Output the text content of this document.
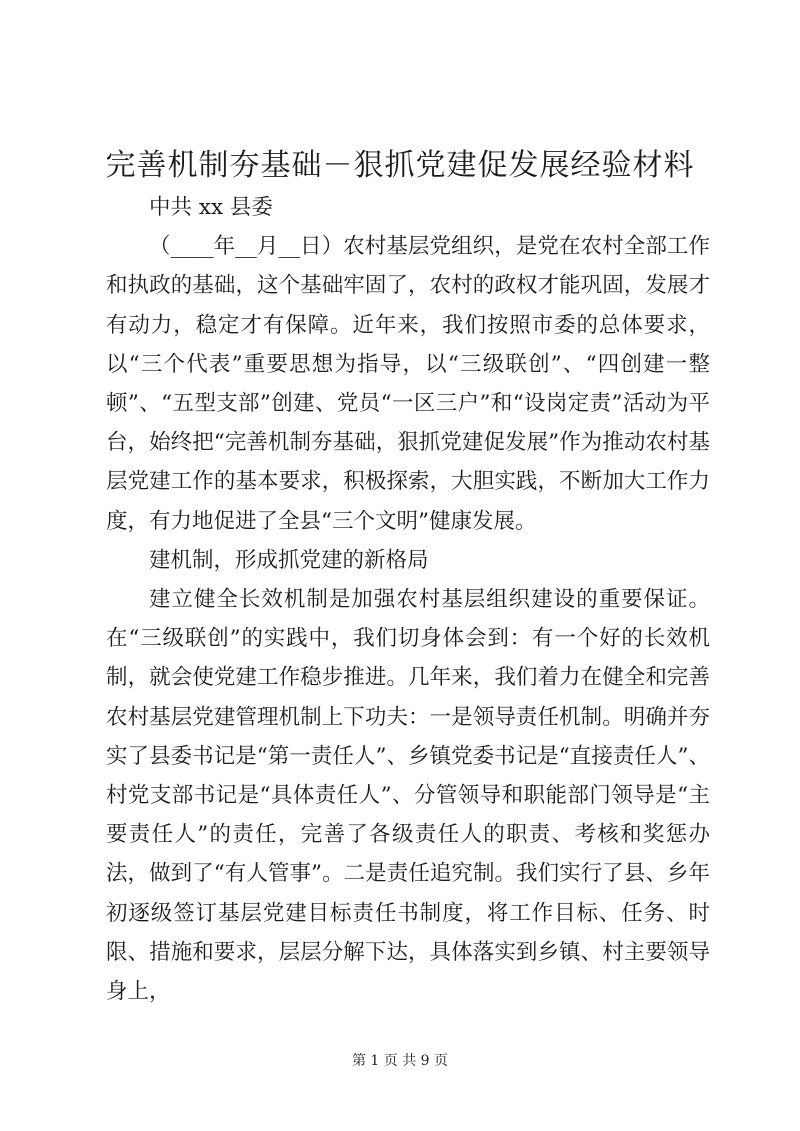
完善机制夯基础－狠抓党建促发展经验材料

中共 xx 县委

（____年__月__日）农村基层党组织，是党在农村全部工作和执政的基础，这个基础牢固了，农村的政权才能巩固，发展才有动力，稳定才有保障。近年来，我们按照市委的总体要求，以“三个代表”重要思想为指导，以“三级联创”、“四创建一整顿”、“五型支部”创建、党员“一区三户”和“设岗定责”活动为平台，始终把“完善机制夯基础，狠抓党建促发展”作为推动农村基层党建工作的基本要求，积极探索，大胆实践，不断加大工作力度，有力地促进了全县“三个文明”健康发展。

建机制，形成抓党建的新格局

建立健全长效机制是加强农村基层组织建设的重要保证。在“三级联创”的实践中，我们切身体会到：有一个好的长效机制，就会使党建工作稳步推进。几年来，我们着力在健全和完善农村基层党建管理机制上下功夫：一是领导责任机制。明确并夯实了县委书记是“第一责任人”、乡镇党委书记是“直接责任人”、村党支部书记是“具体责任人”、分管领导和职能部门领导是“主要责任人”的责任，完善了各级责任人的职责、考核和奖惩办法，做到了“有人管事”。二是责任追究制。我们实行了县、乡年初逐级签订基层党建目标责任书制度，将工作目标、任务、时限、措施和要求，层层分解下达，具体落实到乡镇、村主要领导身上，

第 1 页 共 9 页
